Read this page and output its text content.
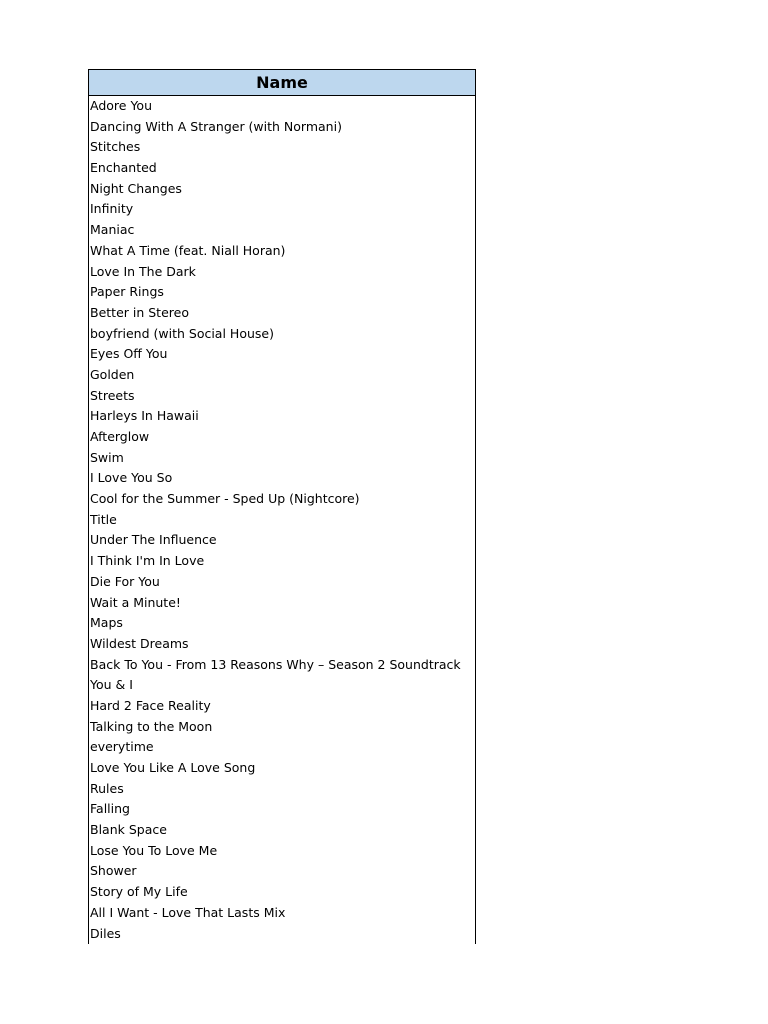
Name
Adore You
Dancing With A Stranger (with Normani)
Stitches
Enchanted
Night Changes
Infinity
Maniac
What A Time (feat. Niall Horan)
Love In The Dark
Paper Rings
Better in Stereo
boyfriend (with Social House)
Eyes Off You
Golden
Streets
Harleys In Hawaii
Afterglow
Swim
I Love You So
Cool for the Summer - Sped Up (Nightcore)
Title
Under The Influence
I Think I'm In Love
Die For You
Wait a Minute!
Maps
Wildest Dreams
Back To You - From 13 Reasons Why – Season 2 Soundtrack
You & I
Hard 2 Face Reality
Talking to the Moon
everytime
Love You Like A Love Song
Rules
Falling
Blank Space
Lose You To Love Me
Shower
Story of My Life
All I Want - Love That Lasts Mix
Diles
